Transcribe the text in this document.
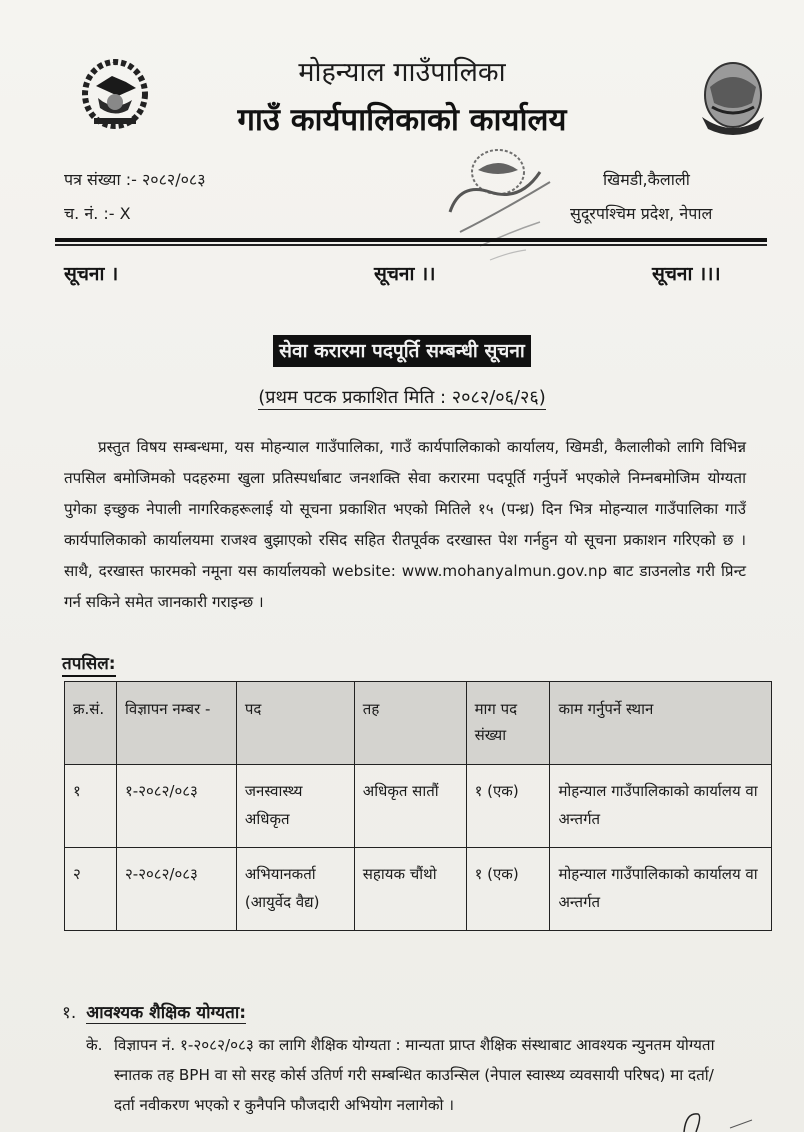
✦	मोहन्याल गाउँपालिका
गाउँ कार्यपालिकाको कार्यालय
पत्र संख्या :- २०८२/०८३
च. नं. :- X
खिमडी,कैलाली
सुदूरपश्चिम प्रदेश, नेपाल
सूचना ।	सूचना ।।	सूचना ।।।
सेवा करारमा पदपूर्ति सम्बन्धी सूचना
(प्रथम पटक प्रकाशित मिति : २०८२/०६/२६)
प्रस्तुत विषय सम्बन्धमा, यस मोहन्याल गाउँपालिका, गाउँ कार्यपालिकाको कार्यालय, खिमडी, कैलालीको लागि विभिन्न तपसिल बमोजिमको पदहरुमा खुला प्रतिस्पर्धाबाट जनशक्ति सेवा करारमा पदपूर्ति गर्नुपर्ने भएकोले निम्नबमोजिम योग्यता पुगेका इच्छुक नेपाली नागरिकहरूलाई यो सूचना प्रकाशित भएको मितिले १५ (पन्ध्र) दिन भित्र मोहन्याल गाउँपालिका गाउँ कार्यपालिकाको कार्यालयमा राजश्व बुझाएको रसिद सहित रीतपूर्वक दरखास्त पेश गर्नहुन यो सूचना प्रकाशन गरिएको छ । साथै, दरखास्त फारमको नमूना यस कार्यालयको website: www.mohanyalmun.gov.np बाट डाउनलोड गरी प्रिन्ट गर्न सकिने समेत जानकारी गराइन्छ ।
तपसिल:
क्र.सं.	विज्ञापन नम्बर -	पद	तह	माग पद संख्या	काम गर्नुपर्ने स्थान
१	१-२०८२/०८३	जनस्वास्थ्य अधिकृत	अधिकृत सातौं	१ (एक)	मोहन्याल गाउँपालिकाको कार्यालय वा अन्तर्गत
२	२-२०८२/०८३	अभियानकर्ता (आयुर्वेद वैद्य)	सहायक चौंथो	१ (एक)	मोहन्याल गाउँपालिकाको कार्यालय वा अन्तर्गत
१. आवश्यक शैक्षिक योग्यता:
के. विज्ञापन नं. १-२०८२/०८३ का लागि शैक्षिक योग्यता : मान्यता प्राप्त शैक्षिक संस्थाबाट आवश्यक न्युनतम योग्यता स्नातक तह BPH वा सो सरह कोर्स उतिर्ण गरी सम्बन्धित काउन्सिल (नेपाल स्वास्थ्य व्यवसायी परिषद) मा दर्ता/दर्ता नवीकरण भएको र कुनैपनि फौजदारी अभियोग नलागेको ।
